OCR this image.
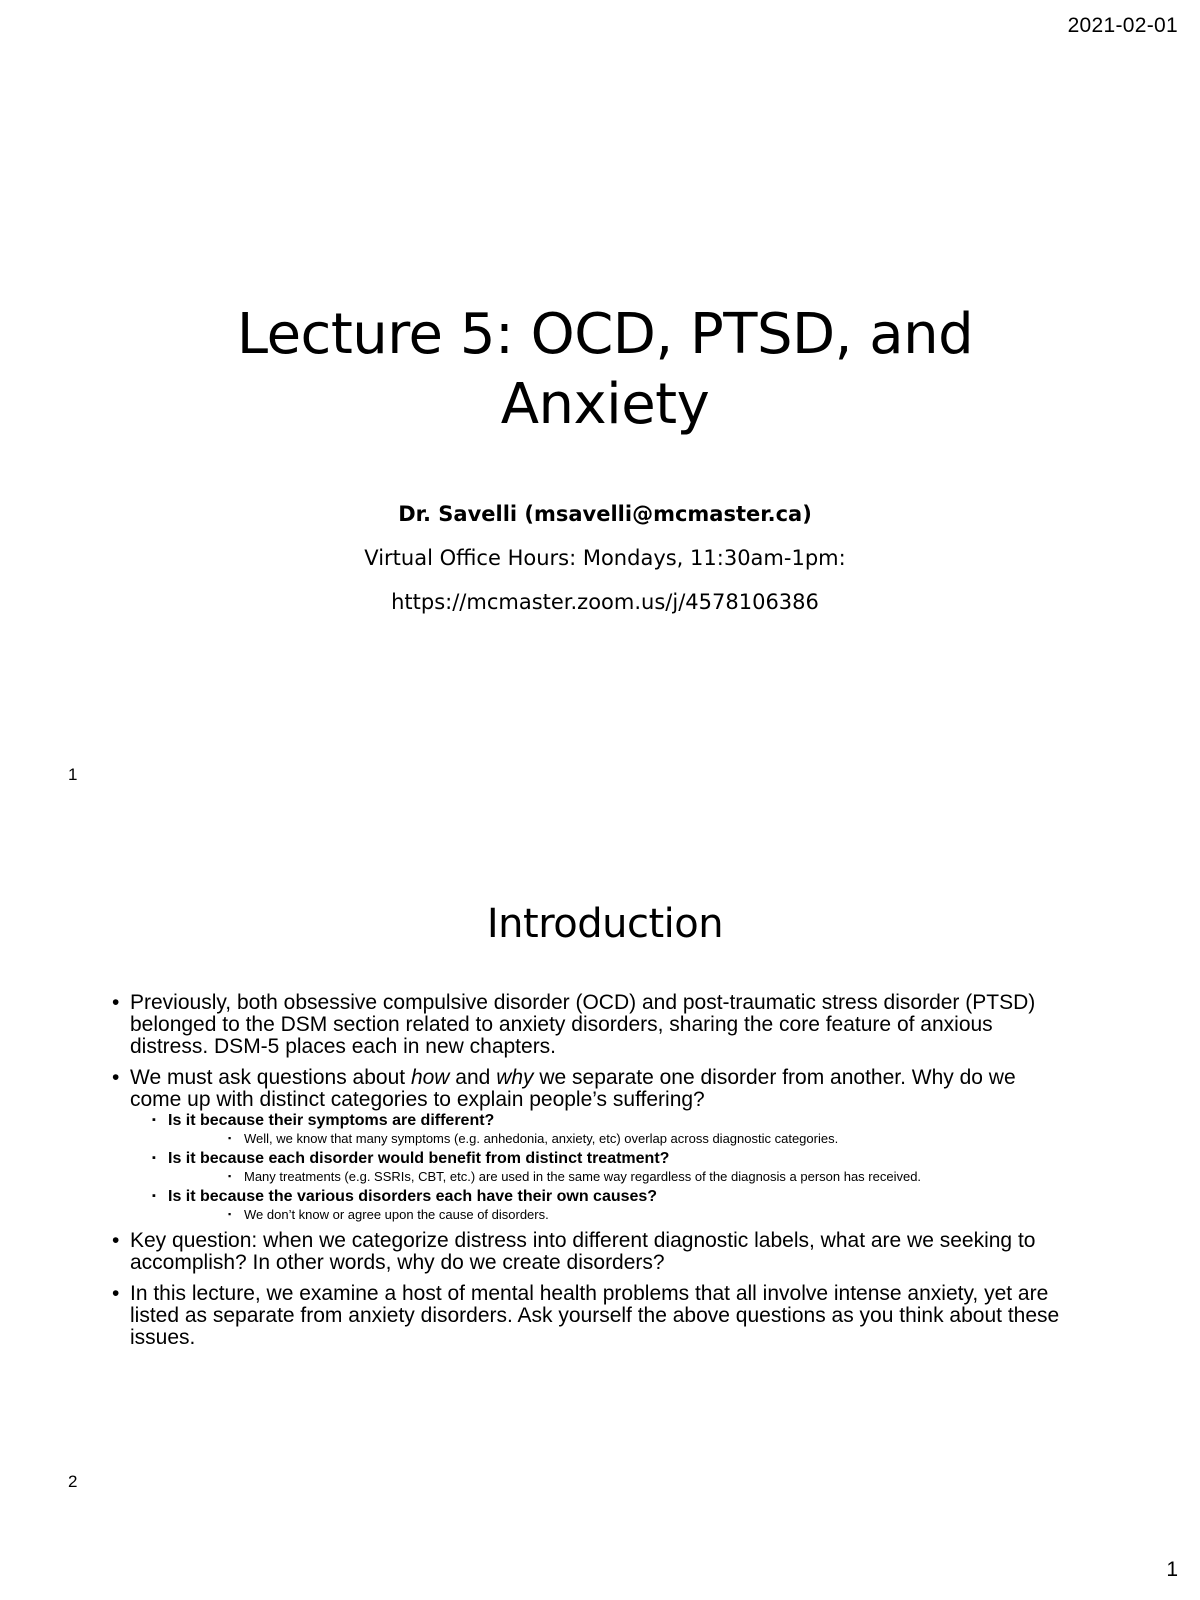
2021-02-01
Lecture 5: OCD, PTSD, and Anxiety
Dr. Savelli (msavelli@mcmaster.ca)
Virtual Office Hours: Mondays, 11:30am-1pm:
https://mcmaster.zoom.us/j/4578106386
1
Introduction
• Previously, both obsessive compulsive disorder (OCD) and post-traumatic stress disorder (PTSD) belonged to the DSM section related to anxiety disorders, sharing the core feature of anxious distress. DSM-5 places each in new chapters.
• We must ask questions about how and why we separate one disorder from another. Why do we come up with distinct categories to explain people’s suffering?
▪ Is it because their symptoms are different?
▪ Well, we know that many symptoms (e.g. anhedonia, anxiety, etc) overlap across diagnostic categories.
▪ Is it because each disorder would benefit from distinct treatment?
▪ Many treatments (e.g. SSRIs, CBT, etc.) are used in the same way regardless of the diagnosis a person has received.
▪ Is it because the various disorders each have their own causes?
▪ We don’t know or agree upon the cause of disorders.
• Key question: when we categorize distress into different diagnostic labels, what are we seeking to accomplish? In other words, why do we create disorders?
• In this lecture, we examine a host of mental health problems that all involve intense anxiety, yet are listed as separate from anxiety disorders. Ask yourself the above questions as you think about these issues.
2
1
